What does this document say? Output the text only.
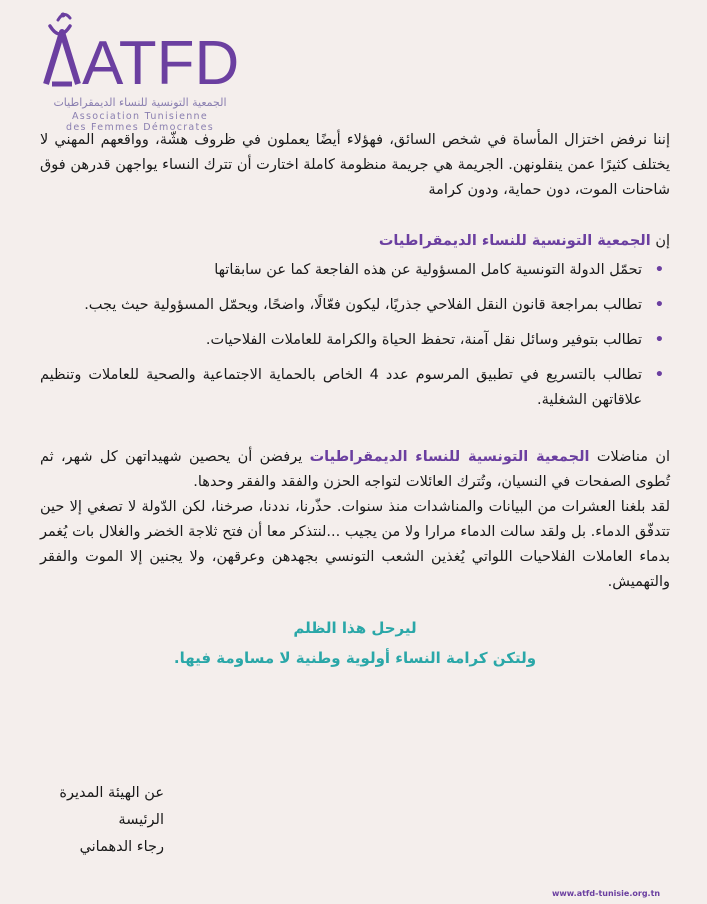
ATFD
الجمعية التونسية للنساء الديمقراطيات
Association Tunisienne
des Femmes Démocrates

إننا نرفض اختزال المأساة في شخص السائق، فهؤلاء أيضًا يعملون في ظروف هشّة، وواقعهم المهني لا يختلف كثيرًا عمن ينقلونهن. الجريمة هي جريمة منظومة كاملة اختارت أن تترك النساء يواجهن قدرهن فوق شاحنات الموت، دون حماية، ودون كرامة

إن الجمعية التونسية للنساء الديمقراطيات

•
تحمّل الدولة التونسية كامل المسؤولية عن هذه الفاجعة كما عن سابقاتها
•
تطالب بمراجعة قانون النقل الفلاحي جذريًا، ليكون فعّالًا، واضحًا، ويحمّل المسؤولية حيث يجب.
•
تطالب بتوفير وسائل نقل آمنة، تحفظ الحياة والكرامة للعاملات الفلاحيات.
•
تطالب بالتسريع في تطبيق المرسوم عدد 4 الخاص بالحماية الاجتماعية والصحية للعاملات وتنظيم علاقاتهن الشغلية.

ان مناضلات الجمعية التونسية للنساء الديمقراطيات يرفضن أن يحصين شهيداتهن كل شهر، ثم تُطوى الصفحات في النسيان، وتُترك العائلات لتواجه الحزن والفقد والفقر وحدها.

لقد بلغنا العشرات من البيانات والمناشدات منذ سنوات. حذّرنا، نددنا، صرخنا، لكن الدّولة لا تصغي إلا حين تتدفّق الدماء. بل ولقد سالت الدماء مرارا ولا من يجيب ...لنتذكر معا أن فتح ثلاجة الخضر والغلال بات يُغمر بدماء العاملات الفلاحيات اللواتي يُغذين الشعب التونسي بجهدهن وعرقهن، ولا يجنين إلا الموت والفقر والتهميش.

ليرحل هذا الظلم
ولتكن كرامة النساء أولوية وطنية لا مساومة فيها.
عن الهيئة المديرة
الرئيسة
رجاء الدهماني
www.atfd-tunisie.org.tn
